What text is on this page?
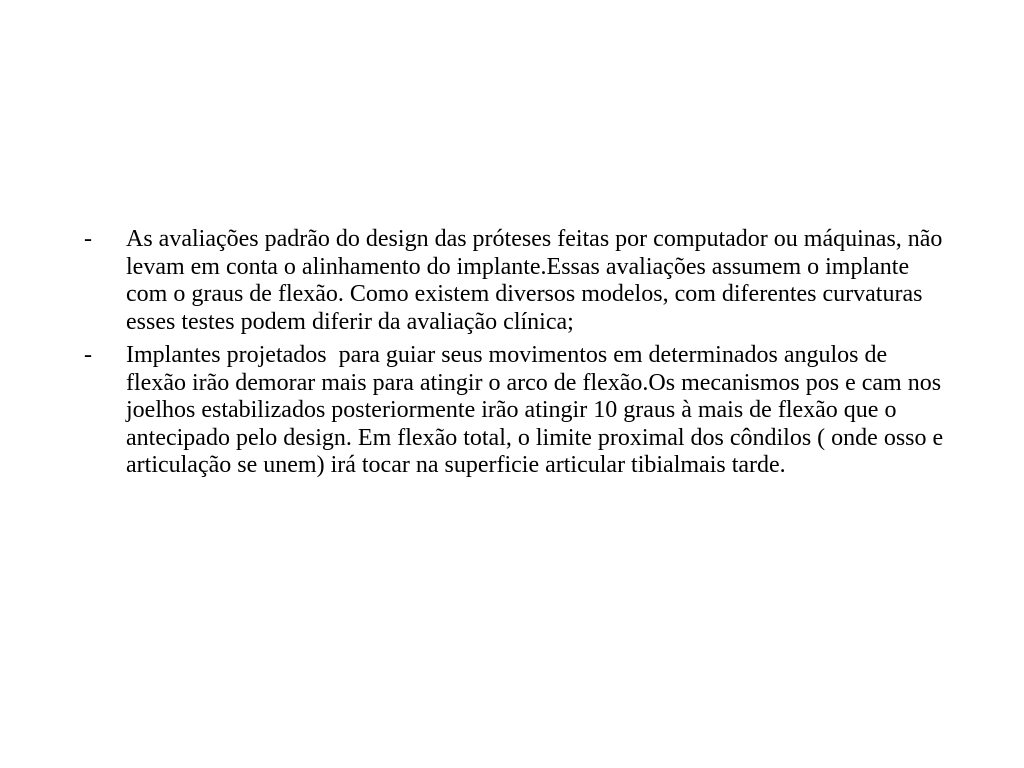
-	As avaliações padrão do design das próteses feitas por computador ou máquinas, não levam em conta o alinhamento do implante.Essas avaliações assumem o implante com o graus de flexão. Como existem diversos modelos, com diferentes curvaturas esses testes podem diferir da avaliação clínica;
-	Implantes projetados  para guiar seus movimentos em determinados angulos de flexão irão demorar mais para atingir o arco de flexão.Os mecanismos pos e cam nos joelhos estabilizados posteriormente irão atingir 10 graus à mais de flexão que o antecipado pelo design. Em flexão total, o limite proximal dos côndilos ( onde osso e articulação se unem) irá tocar na superficie articular tibialmais tarde.
